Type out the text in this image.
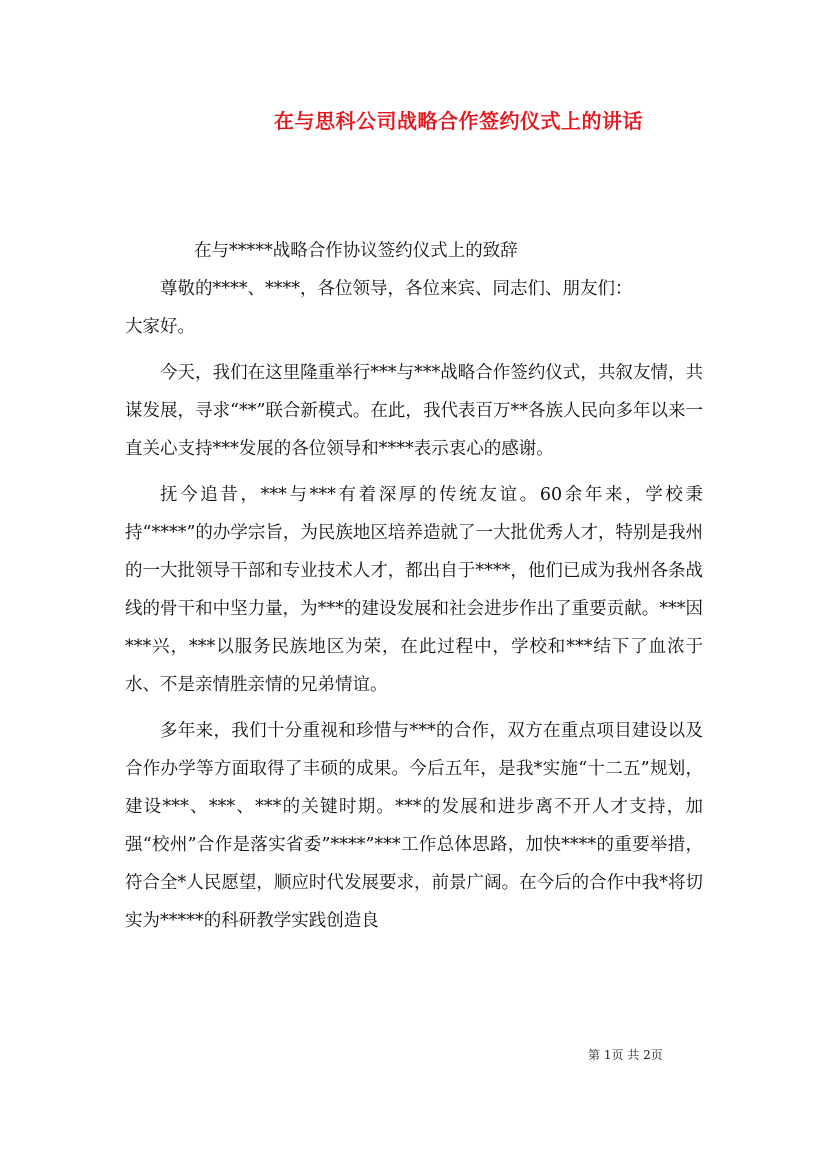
在与思科公司战略合作签约仪式上的讲话

在与*****战略合作协议签约仪式上的致辞

尊敬的****、****，各位领导，各位来宾、同志们、朋友们：

大家好。

今天，我们在这里隆重举行***与***战略合作签约仪式，共叙友情，共谋发展，寻求“**”联合新模式。在此，我代表百万**各族人民向多年以来一直关心支持***发展的各位领导和****表示衷心的感谢。

抚今追昔，***与***有着深厚的传统友谊。60余年来，学校秉持“****”的办学宗旨，为民族地区培养造就了一大批优秀人才，特别是我州的一大批领导干部和专业技术人才，都出自于****，他们已成为我州各条战线的骨干和中坚力量，为***的建设发展和社会进步作出了重要贡献。***因***兴，***以服务民族地区为荣，在此过程中，学校和***结下了血浓于水、不是亲情胜亲情的兄弟情谊。

多年来，我们十分重视和珍惜与***的合作，双方在重点项目建设以及合作办学等方面取得了丰硕的成果。今后五年，是我*实施“十二五”规划，建设***、***、***的关键时期。***的发展和进步离不开人才支持，加强“校州”合作是落实省委”****”***工作总体思路，加快****的重要举措，符合全*人民愿望，顺应时代发展要求，前景广阔。在今后的合作中我*将切实为*****的科研教学实践创造良

第 1页 共 2页
